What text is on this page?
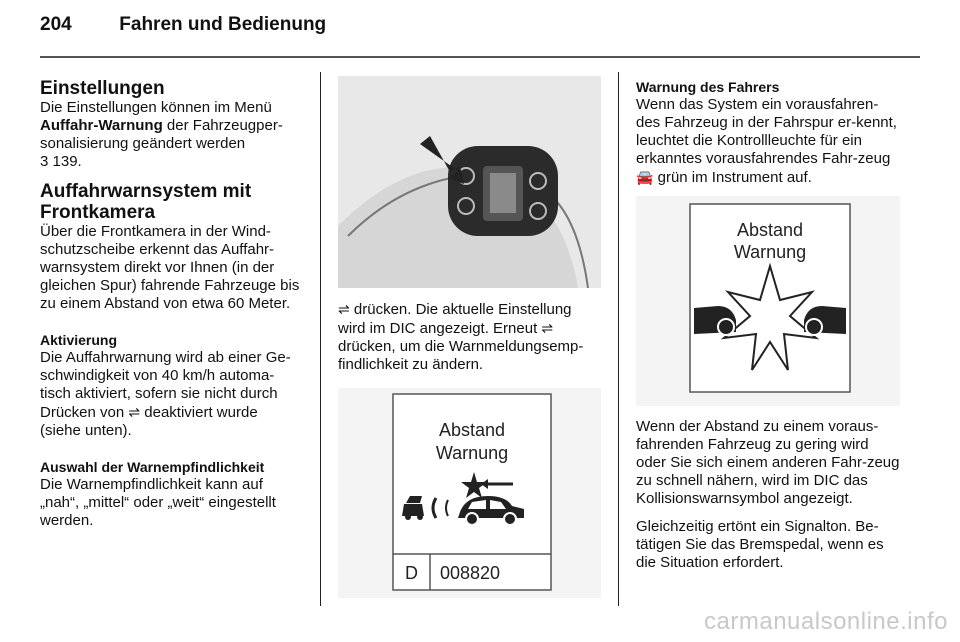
204	Fahren und Bedienung
Einstellungen

Die Einstellungen können im Menü Auffahr-Warnung der Fahrzeugper-sonalisierung geändert werden
3 139.

Auffahrwarnsystem mit Frontkamera

Über die Frontkamera in der Wind-schutzscheibe erkennt das Auffahr-warnsystem direkt vor Ihnen (in der gleichen Spur) fahrende Fahrzeuge bis zu einem Abstand von etwa 60 Meter.

Aktivierung

Die Auffahrwarnung wird ab einer Ge-schwindigkeit von 40 km/h automa-tisch aktiviert, sofern sie nicht durch Drücken von ⇌ deaktiviert wurde (siehe unten).

Auswahl der Warnempfindlichkeit

Die Warnempfindlichkeit kann auf „nah“, „mittel“ oder „weit“ eingestellt werden.

⇌ drücken. Die aktuelle Einstellung wird im DIC angezeigt. Erneut ⇌ drücken, um die Warnmeldungsemp-findlichkeit zu ändern.

Abstand
Warnung
D 008820
Warnung des Fahrers

Wenn das System ein vorausfahren-des Fahrzeug in der Fahrspur er-kennt, leuchtet die Kontrollleuchte für ein erkanntes vorausfahrendes Fahr-zeug 🚘 grün im Instrument auf.

Abstand
Warnung

Wenn der Abstand zu einem voraus-fahrenden Fahrzeug zu gering wird oder Sie sich einem anderen Fahr-zeug zu schnell nähern, wird im DIC das Kollisionswarnsymbol angezeigt.

Gleichzeitig ertönt ein Signalton. Be-tätigen Sie das Bremspedal, wenn es die Situation erfordert.

carmanualsonline.info
